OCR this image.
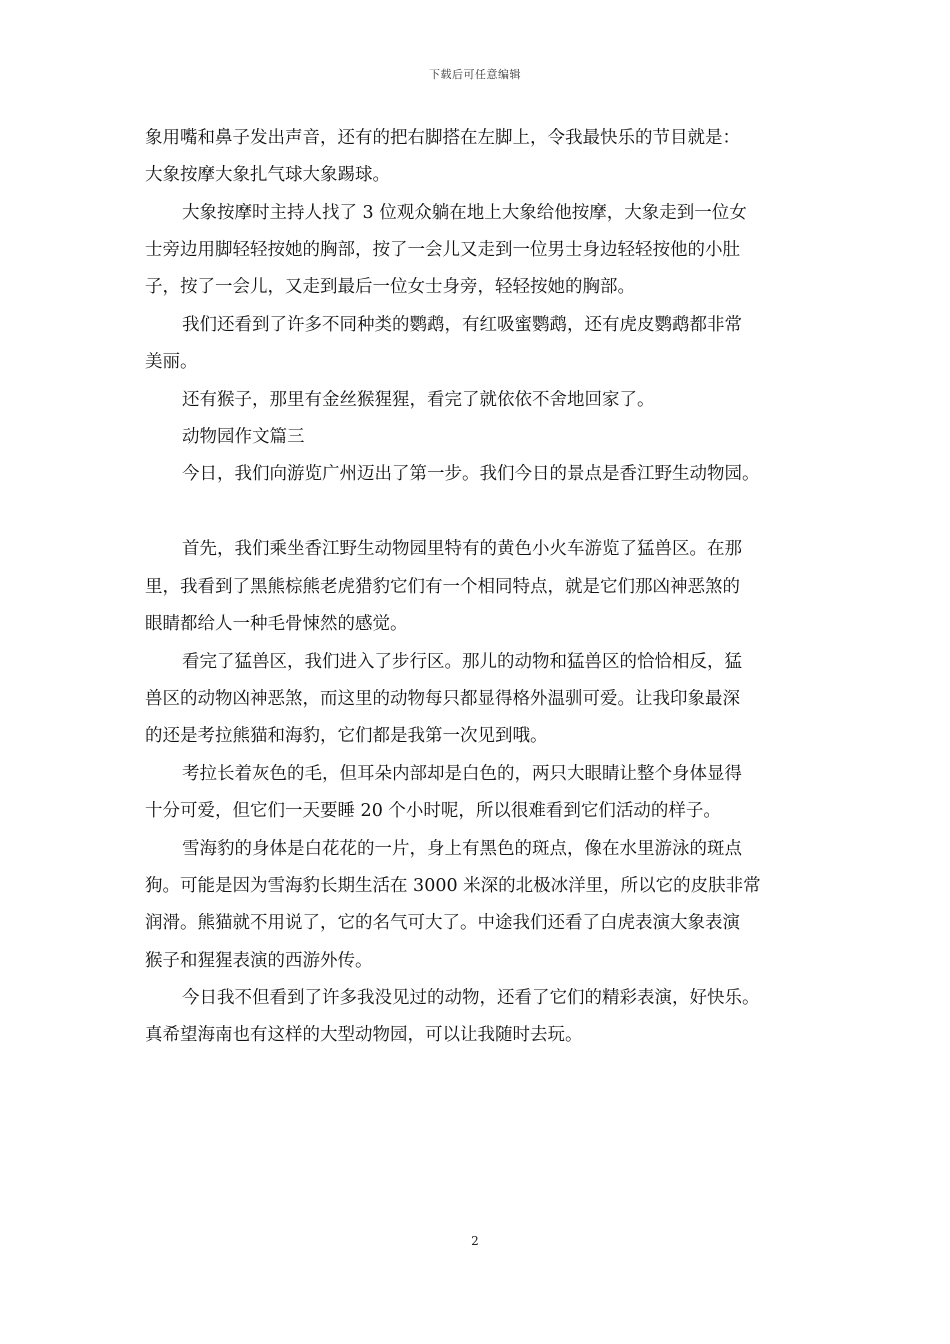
下载后可任意编辑
象用嘴和鼻子发出声音，还有的把右脚搭在左脚上，令我最快乐的节目就是：
大象按摩大象扎气球大象踢球。
大象按摩时主持人找了 3 位观众躺在地上大象给他按摩，大象走到一位女
士旁边用脚轻轻按她的胸部，按了一会儿又走到一位男士身边轻轻按他的小肚
子，按了一会儿，又走到最后一位女士身旁，轻轻按她的胸部。
我们还看到了许多不同种类的鹦鹉，有红吸蜜鹦鹉，还有虎皮鹦鹉都非常
美丽。
还有猴子，那里有金丝猴猩猩，看完了就依依不舍地回家了。
动物园作文篇三
今日，我们向游览广州迈出了第一步。我们今日的景点是香江野生动物园。
首先，我们乘坐香江野生动物园里特有的黄色小火车游览了猛兽区。在那
里，我看到了黑熊棕熊老虎猎豹它们有一个相同特点，就是它们那凶神恶煞的
眼睛都给人一种毛骨悚然的感觉。
看完了猛兽区，我们进入了步行区。那儿的动物和猛兽区的恰恰相反，猛
兽区的动物凶神恶煞，而这里的动物每只都显得格外温驯可爱。让我印象最深
的还是考拉熊猫和海豹，它们都是我第一次见到哦。
考拉长着灰色的毛，但耳朵内部却是白色的，两只大眼睛让整个身体显得
十分可爱，但它们一天要睡 20 个小时呢，所以很难看到它们活动的样子。
雪海豹的身体是白花花的一片，身上有黑色的斑点，像在水里游泳的斑点
狗。可能是因为雪海豹长期生活在 3000 米深的北极冰洋里，所以它的皮肤非常
润滑。熊猫就不用说了，它的名气可大了。中途我们还看了白虎表演大象表演
猴子和猩猩表演的西游外传。
今日我不但看到了许多我没见过的动物，还看了它们的精彩表演，好快乐。
真希望海南也有这样的大型动物园，可以让我随时去玩。
2
